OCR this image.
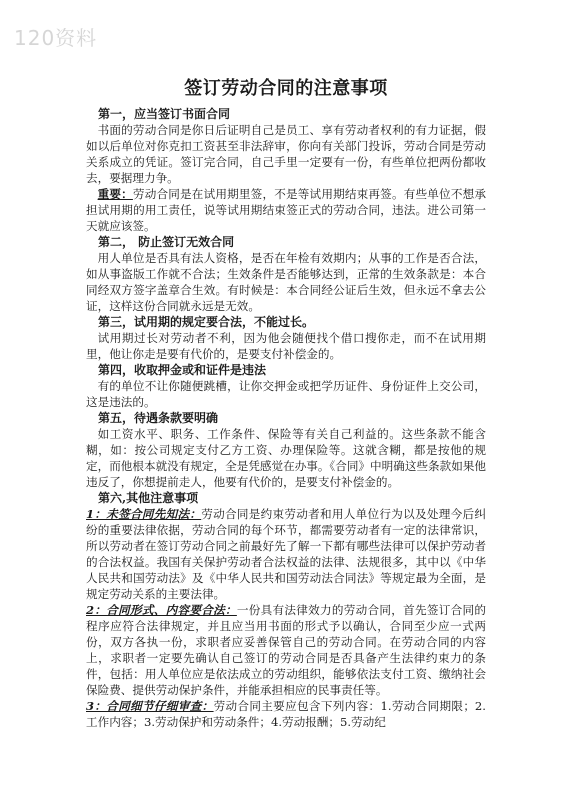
120资料
签订劳动合同的注意事项

第一，应当签订书面合同

书面的劳动合同是你日后证明自己是员工、享有劳动者权利的有力证据，假如以后单位对你克扣工资甚至非法辞审，你向有关部门投诉，劳动合同是劳动关系成立的凭证。签订完合同，自己手里一定要有一份，有些单位把两份都收去，要据理力争。

重要：劳动合同是在试用期里签，不是等试用期结束再签。有些单位不想承担试用期的用工责任，说等试用期结束签正式的劳动合同，违法。进公司第一天就应该签。

第二， 防止签订无效合同

用人单位是否具有法人资格，是否在年检有效期内；从事的工作是否合法，如从事盗版工作就不合法；生效条件是否能够达到，正常的生效条款是：本合同经双方签字盖章合生效。有时候是：本合同经公证后生效，但永远不拿去公证，这样这份合同就永远是无效。

第三，试用期的规定要合法，不能过长。

试用期过长对劳动者不利，因为他会随便找个借口搜你走，而不在试用期里，他让你走是要有代价的，是要支付补偿金的。

第四，收取押金或和证件是违法

有的单位不让你随便跳槽，让你交押金或把学历证件、身份证件上交公司，这是违法的。

第五，待遇条款要明确

如工资水平、职务、工作条件、保险等有关自己利益的。这些条款不能含糊，如：按公司规定支付乙方工资、办理保险等。这就含糊，都是按他的规定，而他根本就没有规定，全是凭感觉在办事。《合同》中明确这些条款如果他违反了，你想提前走人，他要有代价的，是要支付补偿金的。

第六,其他注意事项

1：未签合同先知法：劳动合同是约束劳动者和用人单位行为以及处理今后纠纷的重要法律依据，劳动合同的每个环节，都需要劳动者有一定的法律常识，所以劳动者在签订劳动合同之前最好先了解一下都有哪些法律可以保护劳动者的合法权益。我国有关保护劳动者合法权益的法律、法规很多，其中以《中华人民共和国劳动法》及《中华人民共和国劳动法合同法》等规定最为全面，是规定劳动关系的主要法律。

2：合同形式、内容要合法：一份具有法律效力的劳动合同，首先签订合同的程序应符合法律规定，并且应当用书面的形式予以确认，合同至少应一式两份，双方各执一份，求职者应妥善保管自己的劳动合同。在劳动合同的内容上，求职者一定要先确认自己签订的劳动合同是否具备产生法律约束力的条件，包括：用人单位应是依法成立的劳动组织，能够依法支付工资、缴纳社会保险费、提供劳动保护条件，并能承担相应的民事责任等。

3：合同细节仔细审查：劳动合同主要应包含下列内容：1.劳动合同期限；2.工作内容；3.劳动保护和劳动条件；4.劳动报酬；5.劳动纪
